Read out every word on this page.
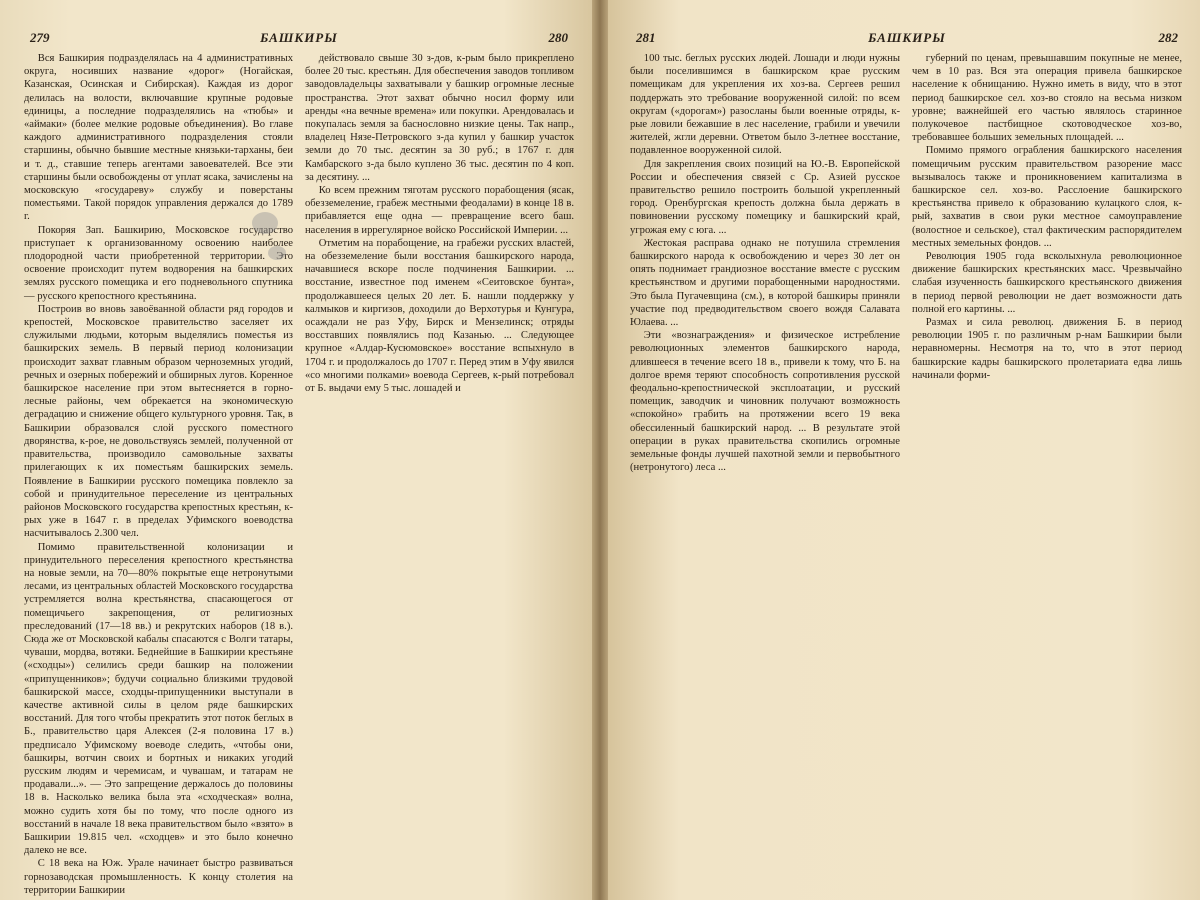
279	БАШКИРЫ	280

Вся Башкирия подразделялась на 4 административных округа, носивших название «дорог» (Ногайская, Казанская, Осинская и Сибирская). Каждая из дорог делилась на волости, включавшие крупные родовые единицы, а последние подразделялись на «тюбы» и «аймаки» (более мелкие родовые объединения). Во главе каждого административного подразделения стояли старшины, обычно бывшие местные князьки-тарханы, беи и т. д., ставшие теперь агентами завоевателей. Все эти старшины были освобождены от уплат ясака, зачислены на московскую «государеву» службу и поверстаны поместьями. Такой порядок управления держался до 1789 г.

Покоряя Зап. Башкирию, Московское государство приступает к организованному освоению наиболее плодородной части приобретенной территории. Это освоение происходит путем водворения на башкирских землях русского помещика и его подневольного спутника — русского крепостного крестьянина.

Построив во вновь завоёванной области ряд городов и крепостей, Московское правительство заселяет их служилыми людьми, которым выделялись поместья из башкирских земель. В первый период колонизации происходит захват главным образом черноземных угодий, речных и озерных побережий и обширных лугов. Коренное башкирское население при этом вытесняется в горно-лесные районы, чем обрекается на экономическую деградацию и снижение общего культурного уровня. Так, в Башкирии образовался слой русского поместного дворянства, к-рое, не довольствуясь землей, полученной от правительства, производило самовольные захваты прилегающих к их поместьям башкирских земель. Появление в Башкирии русского помещика повлекло за собой и принудительное переселение из центральных районов Московского государства крепостных крестьян, к-рых уже в 1647 г. в пределах Уфимского воеводства насчитывалось 2.300 чел.

Помимо правительственной колонизации и принудительного переселения крепостного крестьянства на новые земли, на 70—80% покрытые еще нетронутыми лесами, из центральных областей Московского государства устремляется волна крестьянства, спасающегося от помещичьего закрепощения, от религиозных преследований (17—18 вв.) и рекрутских наборов (18 в.). Сюда же от Московской кабалы спасаются с Волги татары, чуваши, мордва, вотяки. Беднейшие в Башкирии крестьяне («сходцы») селились среди башкир на положении «припущенников»; будучи социально близкими трудовой башкирской массе, сходцы-припущенники выступали в качестве активной силы в целом ряде башкирских восстаний. Для того чтобы прекратить этот поток беглых в Б., правительство царя Алексея (2-я половина 17 в.) предписало Уфимскому воеводе следить, «чтобы они, башкиры, вотчин своих и бортных и никаких угодий русским людям и черемисам, и чувашам, и татарам не продавали...». — Это запрещение держалось до половины 18 в. Насколько велика была эта «сходческая» волна, можно судить хотя бы по тому, что после одного из восстаний в начале 18 века правительством было «взято» в Башкирии 19.815 чел. «сходцев» и это было конечно далеко не все.

С 18 века на Юж. Урале начинает быстро развиваться горнозаводская промышленность. К концу столетия на территории Башкирии

действовало свыше 30 з-дов, к-рым было прикреплено более 20 тыс. крестьян. Для обеспечения заводов топливом заводовладельцы захватывали у башкир огромные лесные пространства. Этот захват обычно носил форму или аренды «на вечные времена» или покупки. Арендовалась и покупалась земля за баснословно низкие цены. Так напр., владелец Нязе-Петровского з-да купил у башкир участок земли до 70 тыс. десятин за 30 руб.; в 1767 г. для Камбарского з-да было куплено 36 тыс. десятин по 4 коп. за десятину. ...

Ко всем прежним тяготам русского порабощения (ясак, обезземеление, грабеж местными феодалами) в конце 18 в. прибавляется еще одна — превращение всего баш. населения в иррегулярное войско Российской Империи. ...

Отметим на порабощение, на грабежи русских властей, на обезземеление были восстания башкирского народа, начавшиеся вскоре после подчинения Башкирии. ... восстание, известное под именем «Сеитовское бунта», продолжавшееся целых 20 лет. Б. нашли поддержку у калмыков и киргизов, доходили до Верхотурья и Кунгура, осаждали не раз Уфу, Бирск и Мензелинск; отряды восставших появлялись под Казанью. ... Следующее крупное «Алдар-Кусюмовское» восстание вспыхнуло в 1704 г. и продолжалось до 1707 г. Перед этим в Уфу явился «со многими полками» воевода Сергеев, к-рый потребовал от Б. выдачи ему 5 тыс. лошадей и

281	БАШКИРЫ	282

100 тыс. беглых русских людей. Лошади и люди нужны были поселившимся в башкирском крае русским помещикам для укрепления их хоз-ва. Сергеев решил поддержать это требование вооруженной силой: по всем округам («дорогам») разосланы были военные отряды, к-рые ловили бежавшие в лес население, грабили и увечили жителей, жгли деревни. Ответом было 3-летнее восстание, подавленное вооруженной силой.

Для закрепления своих позиций на Ю.-В. Европейской России и обеспечения связей с Ср. Азией русское правительство решило построить большой укрепленный город. Оренбургская крепость должна была держать в повиновении русскому помещику и башкирский край, угрожая ему с юга. ...

Жестокая расправа однако не потушила стремления башкирского народа к освобождению и через 30 лет он опять поднимает грандиозное восстание вместе с русским крестьянством и другими порабощенными народностями. Это была Пугачевщина (см.), в которой башкиры приняли участие под предводительством своего вождя Салавата Юлаева. ...

Эти «вознаграждения» и физическое истребление революционных элементов башкирского народа, длившееся в течение всего 18 в., привели к тому, что Б. на долгое время теряют способность сопротивления русской феодально-крепостнической эксплоатации, и русский помещик, заводчик и чиновник получают возможность «спокойно» грабить на протяжении всего 19 века обессиленный башкирский народ. ... В результате этой операции в руках правительства скопились огромные земельные фонды лучшей пахотной земли и первобытного (нетронутого) леса ...

губерний по ценам, превышавшим покупные не менее, чем в 10 раз. Вся эта операция привела башкирское население к обнищанию. Нужно иметь в виду, что в этот период башкирское сел. хоз-во стояло на весьма низком уровне; важнейшей его частью являлось старинное полукочевое пастбищное скотоводческое хоз-во, требовавшее больших земельных площадей. ...

Помимо прямого ограбления башкирского населения помещичьим русским правительством разорение масс вызывалось также и проникновением капитализма в башкирское сел. хоз-во. Расслоение башкирского крестьянства привело к образованию кулацкого слоя, к-рый, захватив в свои руки местное самоуправление (волостное и сельское), стал фактическим распорядителем местных земельных фондов. ...

Революция 1905 года всколыхнула революционное движение башкирских крестьянских масс. Чрезвычайно слабая изученность башкирского крестьянского движения в период первой революции не дает возможности дать полной его картины. ...

Размах и сила революц. движения Б. в период революции 1905 г. по различным р-нам Башкирии были неравномерны. Несмотря на то, что в этот период башкирские кадры башкирского пролетариата едва лишь начинали форми-
